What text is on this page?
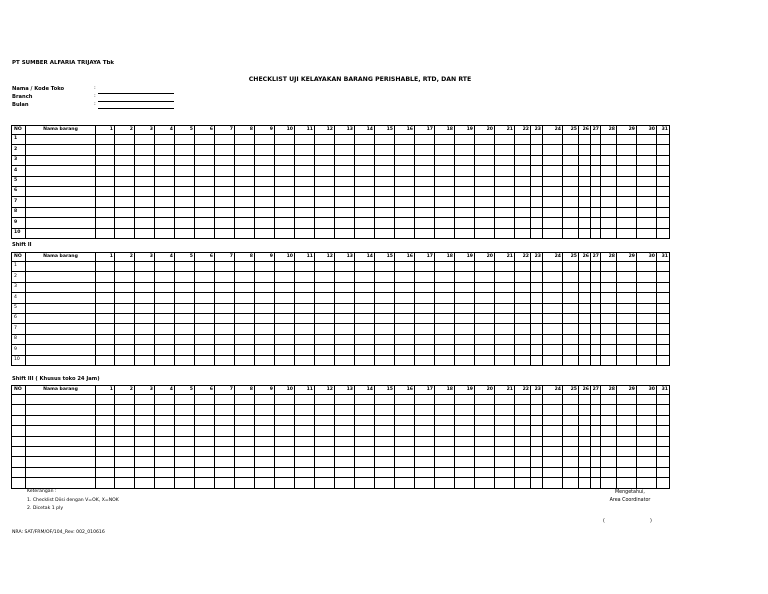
PT SUMBER ALFARIA TRIJAYA Tbk
CHECKLIST UJI KELAYAKAN BARANG PERISHABLE, RTD, DAN RTE
Nama / Kode Toko	:
Branch	:
Bulan	:
NO	Nama barang	1	2	3	4	5	6	7	8	9	10	11	12	13	14	15	16	17	18	19	20	21	22	23	24	25	26	27	28	29	30	31
1																																
2																																
3																																
4																																
5																																
6																																
7																																
8																																
9																																
10																																
Shift II
NO	Nama barang	1	2	3	4	5	6	7	8	9	10	11	12	13	14	15	16	17	18	19	20	21	22	23	24	25	26	27	28	29	30	31
1																																
2																																
3																																
4																																
5																																
6																																
7																																
8																																
9																																
10																																
Shift III ( Khusus toko 24 Jam)
NO	Nama barang	1	2	3	4	5	6	7	8	9	10	11	12	13	14	15	16	17	18	19	20	21	22	23	24	25	26	27	28	29	30	31

Keterangan :
1. Checklist Diisi dengan V=OK, X=NOK
2. Dicetak 1 ply
Mengetahui,
Area Coordinator
(	)
NRA: SAT/FRM/OF/104_Rev: 002_010616
